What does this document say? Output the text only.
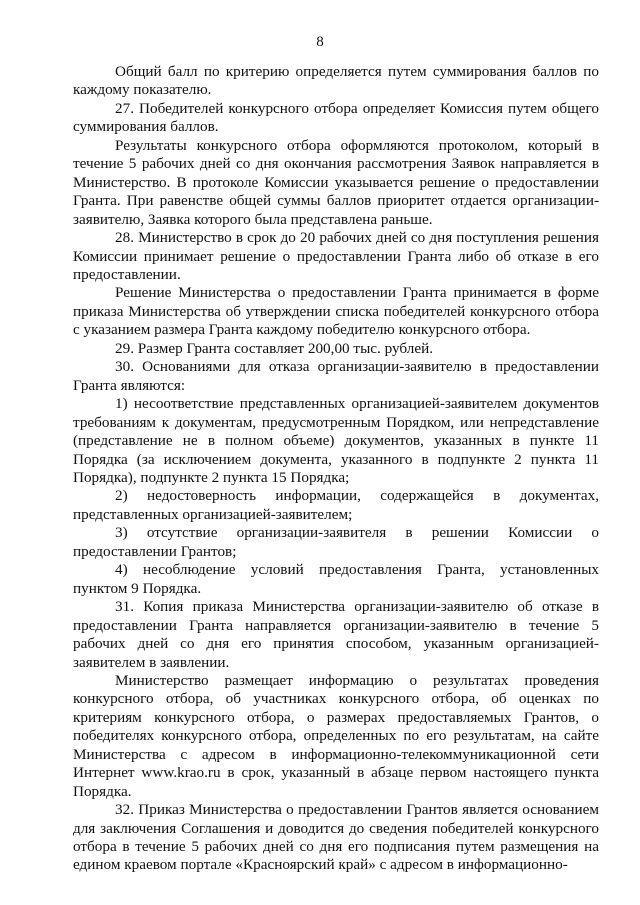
8

Общий балл по критерию определяется путем суммирования баллов по каждому показателю.

27. Победителей конкурсного отбора определяет Комиссия путем общего суммирования баллов.

Результаты конкурсного отбора оформляются протоколом, который в течение 5 рабочих дней со дня окончания рассмотрения Заявок направляется в Министерство. В протоколе Комиссии указывается решение о предоставлении Гранта. При равенстве общей суммы баллов приоритет отдается организации-заявителю, Заявка которого была представлена раньше.

28. Министерство в срок до 20 рабочих дней со дня поступления решения Комиссии принимает решение о предоставлении Гранта либо об отказе в его предоставлении.

Решение Министерства о предоставлении Гранта принимается в форме приказа Министерства об утверждении списка победителей конкурсного отбора с указанием размера Гранта каждому победителю конкурсного отбора.

29. Размер Гранта составляет 200,00 тыс. рублей.

30. Основаниями для отказа организации-заявителю в предоставлении Гранта являются:

1) несоответствие представленных организацией-заявителем документов требованиям к документам, предусмотренным Порядком, или непредставление (представление не в полном объеме) документов, указанных в пункте 11 Порядка (за исключением документа, указанного в подпункте 2 пункта 11 Порядка), подпункте 2 пункта 15 Порядка;

2) недостоверность информации, содержащейся в документах, представленных организацией-заявителем;

3) отсутствие организации-заявителя в решении Комиссии о предоставлении Грантов;

4) несоблюдение условий предоставления Гранта, установленных пунктом 9 Порядка.

31. Копия приказа Министерства организации-заявителю об отказе в предоставлении Гранта направляется организации-заявителю в течение 5 рабочих дней со дня его принятия способом, указанным организацией-заявителем в заявлении.

Министерство размещает информацию о результатах проведения конкурсного отбора, об участниках конкурсного отбора, об оценках по критериям конкурсного отбора, о размерах предоставляемых Грантов, о победителях конкурсного отбора, определенных по его результатам, на сайте Министерства с адресом в информационно-телекоммуникационной сети Интернет www.krao.ru в срок, указанный в абзаце первом настоящего пункта Порядка.

32. Приказ Министерства о предоставлении Грантов является основанием для заключения Соглашения и доводится до сведения победителей конкурсного отбора в течение 5 рабочих дней со дня его подписания путем размещения на едином краевом портале «Красноярский край» с адресом в информационно-
